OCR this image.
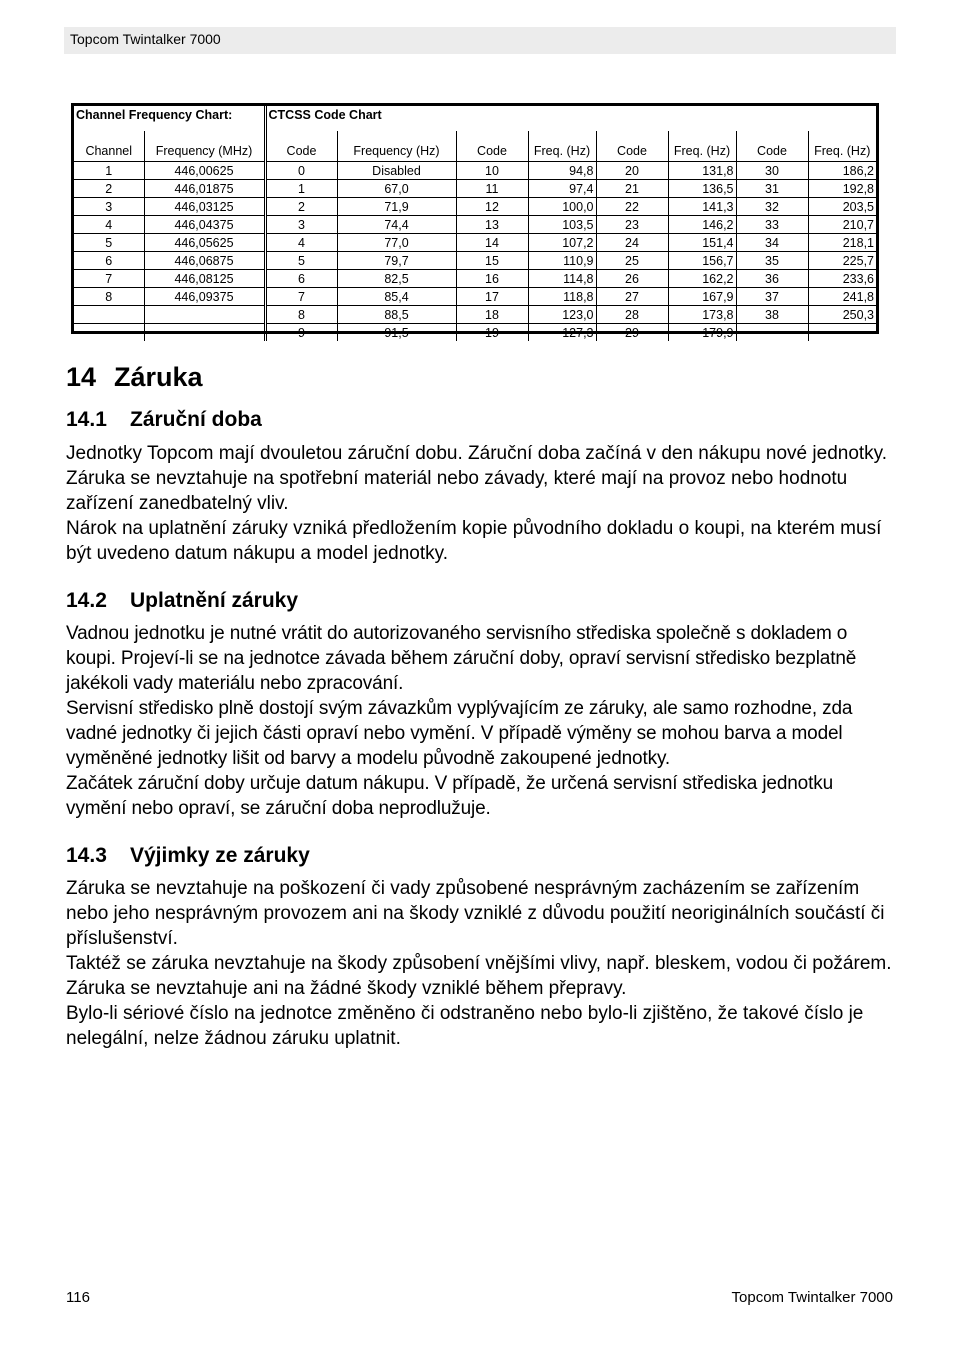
Topcom Twintalker 7000
Channel Frequency Chart:		CTCSS Code Chart							
Channel	Frequency (MHz)	Code	Frequency (Hz)	Code	Freq. (Hz)	Code	Freq. (Hz)	Code	Freq. (Hz)
1	446,00625	0	Disabled	10	94,8	20	131,8	30	186,2
2	446,01875	1	67,0	11	97,4	21	136,5	31	192,8
3	446,03125	2	71,9	12	100,0	22	141,3	32	203,5
4	446,04375	3	74,4	13	103,5	23	146,2	33	210,7
5	446,05625	4	77,0	14	107,2	24	151,4	34	218,1
6	446,06875	5	79,7	15	110,9	25	156,7	35	225,7
7	446,08125	6	82,5	16	114,8	26	162,2	36	233,6
8	446,09375	7	85,4	17	118,8	27	167,9	37	241,8
		8	88,5	18	123,0	28	173,8	38	250,3
		9	91,5	19	127,3	29	179,9		
14 Záruka
14.1 Záruční doba

Jednotky Topcom mají dvouletou záruční dobu. Záruční doba začíná v den nákupu nové jednotky. Záruka se nevztahuje na spotřební materiál nebo závady, které mají na provoz nebo hodnotu zařízení zanedbatelný vliv.

Nárok na uplatnění záruky vzniká předložením kopie původního dokladu o koupi, na kterém musí být uvedeno datum nákupu a model jednotky.

14.2 Uplatnění záruky

Vadnou jednotku je nutné vrátit do autorizovaného servisního střediska společně s dokladem o koupi. Projeví-li se na jednotce závada během záruční doby, opraví servisní středisko bezplatně jakékoli vady materiálu nebo zpracování.

Servisní středisko plně dostojí svým závazkům vyplývajícím ze záruky, ale samo rozhodne, zda vadné jednotky či jejich části opraví nebo vymění. V případě výměny se mohou barva a model vyměněné jednotky lišit od barvy a modelu původně zakoupené jednotky.

Začátek záruční doby určuje datum nákupu. V případě, že určená servisní střediska jednotku vymění nebo opraví, se záruční doba neprodlužuje.

14.3 Výjimky ze záruky

Záruka se nevztahuje na poškození či vady způsobené nesprávným zacházením se zařízením nebo jeho nesprávným provozem ani na škody vzniklé z důvodu použití neoriginálních součástí či příslušenství.

Taktéž se záruka nevztahuje na škody způsobení vnějšími vlivy, např. bleskem, vodou či požárem. Záruka se nevztahuje ani na žádné škody vzniklé během přepravy.

Bylo-li sériové číslo na jednotce změněno či odstraněno nebo bylo-li zjištěno, že takové číslo je nelegální, nelze žádnou záruku uplatnit.

116	Topcom Twintalker 7000
